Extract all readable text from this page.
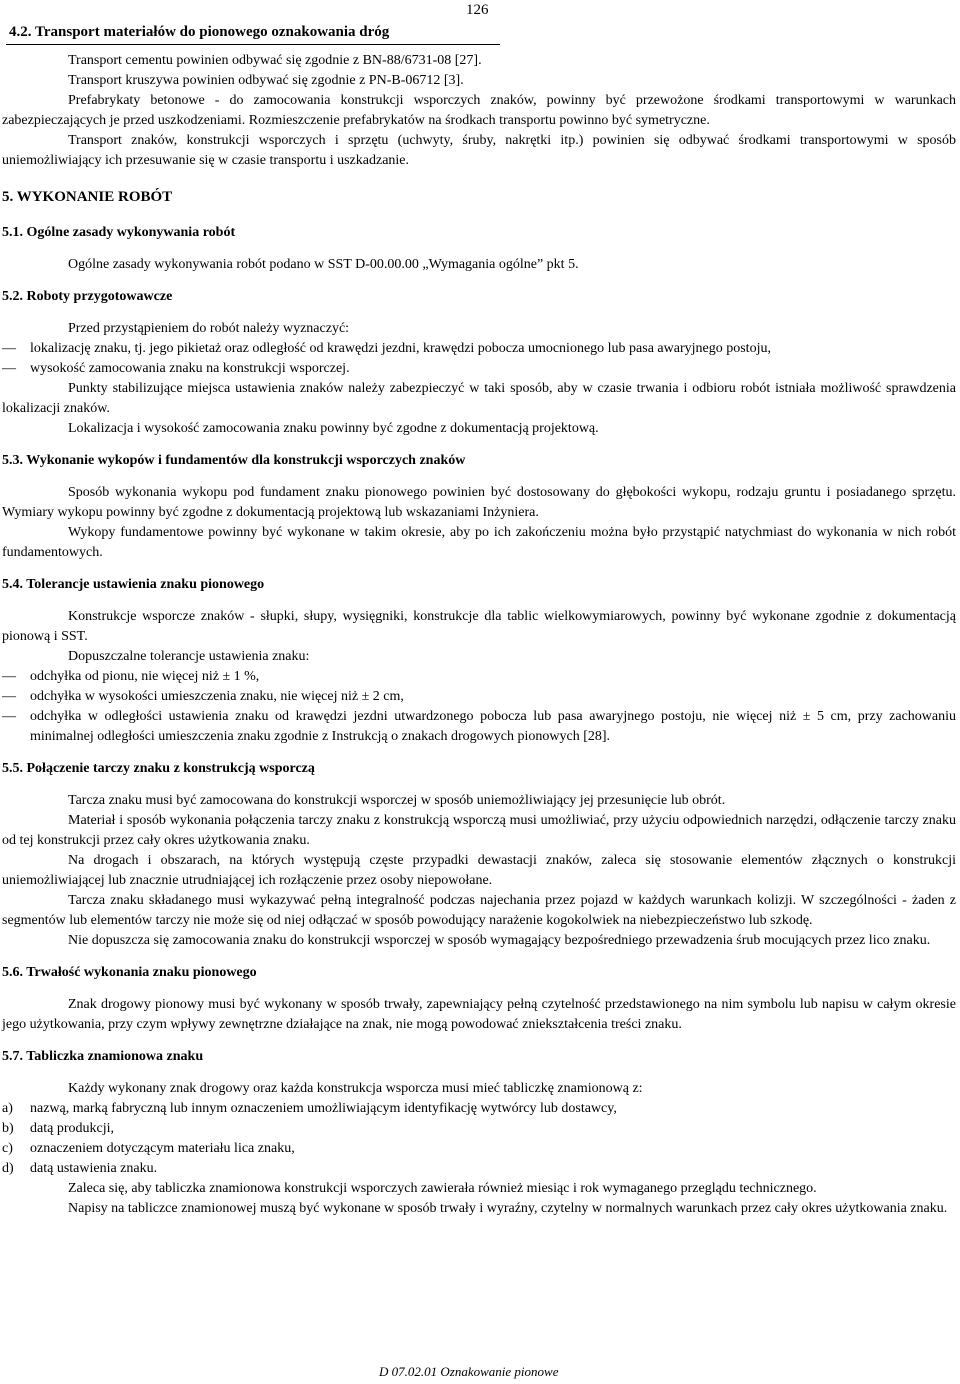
126
4.2. Transport materiałów do pionowego oznakowania dróg

Transport cementu powinien odbywać się zgodnie z BN-88/6731-08 [27].

Transport kruszywa powinien odbywać się zgodnie z PN-B-06712 [3].

Prefabrykaty betonowe - do zamocowania konstrukcji wsporczych znaków, powinny być przewożone środkami transportowymi w warunkach zabezpieczających je przed uszkodzeniami. Rozmieszczenie prefabrykatów na środkach transportu powinno być symetryczne.

Transport znaków, konstrukcji wsporczych i sprzętu (uchwyty, śruby, nakrętki itp.) powinien się odbywać środkami transportowymi w sposób uniemożliwiający ich przesuwanie się w czasie transportu i uszkadzanie.

5. WYKONANIE ROBÓT
5.1. Ogólne zasady wykonywania robót

Ogólne zasady wykonywania robót podano w SST D-00.00.00 „Wymagania ogólne” pkt 5.

5.2. Roboty przygotowawcze

Przed przystąpieniem do robót należy wyznaczyć:

— lokalizację znaku, tj. jego pikietaż oraz odległość od krawędzi jezdni, krawędzi pobocza umocnionego lub pasa awaryjnego postoju,
— wysokość zamocowania znaku na konstrukcji wsporczej.

Punkty stabilizujące miejsca ustawienia znaków należy zabezpieczyć w taki sposób, aby w czasie trwania i odbioru robót istniała możliwość sprawdzenia lokalizacji znaków.

Lokalizacja i wysokość zamocowania znaku powinny być zgodne z dokumentacją projektową.

5.3. Wykonanie wykopów i fundamentów dla konstrukcji wsporczych znaków

Sposób wykonania wykopu pod fundament znaku pionowego powinien być dostosowany do głębokości wykopu, rodzaju gruntu i posiadanego sprzętu. Wymiary wykopu powinny być zgodne z dokumentacją projektową lub wskazaniami Inżyniera.

Wykopy fundamentowe powinny być wykonane w takim okresie, aby po ich zakończeniu można było przystąpić natychmiast do wykonania w nich robót fundamentowych.

5.4. Tolerancje ustawienia znaku pionowego

Konstrukcje wsporcze znaków - słupki, słupy, wysięgniki, konstrukcje dla tablic wielkowymiarowych, powinny być wykonane zgodnie z dokumentacją pionową i SST.

Dopuszczalne tolerancje ustawienia znaku:

— odchyłka od pionu, nie więcej niż ± 1 %,
— odchyłka w wysokości umieszczenia znaku, nie więcej niż ± 2 cm,
— odchyłka w odległości ustawienia znaku od krawędzi jezdni utwardzonego pobocza lub pasa awaryjnego postoju, nie więcej niż ± 5 cm, przy zachowaniu minimalnej odległości umieszczenia znaku zgodnie z Instrukcją o znakach drogowych pionowych [28].
5.5. Połączenie tarczy znaku z konstrukcją wsporczą

Tarcza znaku musi być zamocowana do konstrukcji wsporczej w sposób uniemożliwiający jej przesunięcie lub obrót.

Materiał i sposób wykonania połączenia tarczy znaku z konstrukcją wsporczą musi umożliwiać, przy użyciu odpowiednich narzędzi, odłączenie tarczy znaku od tej konstrukcji przez cały okres użytkowania znaku.

Na drogach i obszarach, na których występują częste przypadki dewastacji znaków, zaleca się stosowanie elementów złącznych o konstrukcji uniemożliwiającej lub znacznie utrudniającej ich rozłączenie przez osoby niepowołane.

Tarcza znaku składanego musi wykazywać pełną integralność podczas najechania przez pojazd w każdych warunkach kolizji. W szczególności - żaden z segmentów lub elementów tarczy nie może się od niej odłączać w sposób powodujący narażenie kogokolwiek na niebezpieczeństwo lub szkodę.

Nie dopuszcza się zamocowania znaku do konstrukcji wsporczej w sposób wymagający bezpośredniego przewadzenia śrub mocujących przez lico znaku.

5.6. Trwałość wykonania znaku pionowego

Znak drogowy pionowy musi być wykonany w sposób trwały, zapewniający pełną czytelność przedstawionego na nim symbolu lub napisu w całym okresie jego użytkowania, przy czym wpływy zewnętrzne działające na znak, nie mogą powodować zniekształcenia treści znaku.

5.7. Tabliczka znamionowa znaku

Każdy wykonany znak drogowy oraz każda konstrukcja wsporcza musi mieć tabliczkę znamionową z:

a) nazwą, marką fabryczną lub innym oznaczeniem umożliwiającym identyfikację wytwórcy lub dostawcy,
b) datą produkcji,
c) oznaczeniem dotyczącym materiału lica znaku,
d) datą ustawienia znaku.

Zaleca się, aby tabliczka znamionowa konstrukcji wsporczych zawierała również miesiąc i rok wymaganego przeglądu technicznego.

Napisy na tabliczce znamionowej muszą być wykonane w sposób trwały i wyraźny, czytelny w normalnych warunkach przez cały okres użytkowania znaku.

D 07.02.01 Oznakowanie pionowe
